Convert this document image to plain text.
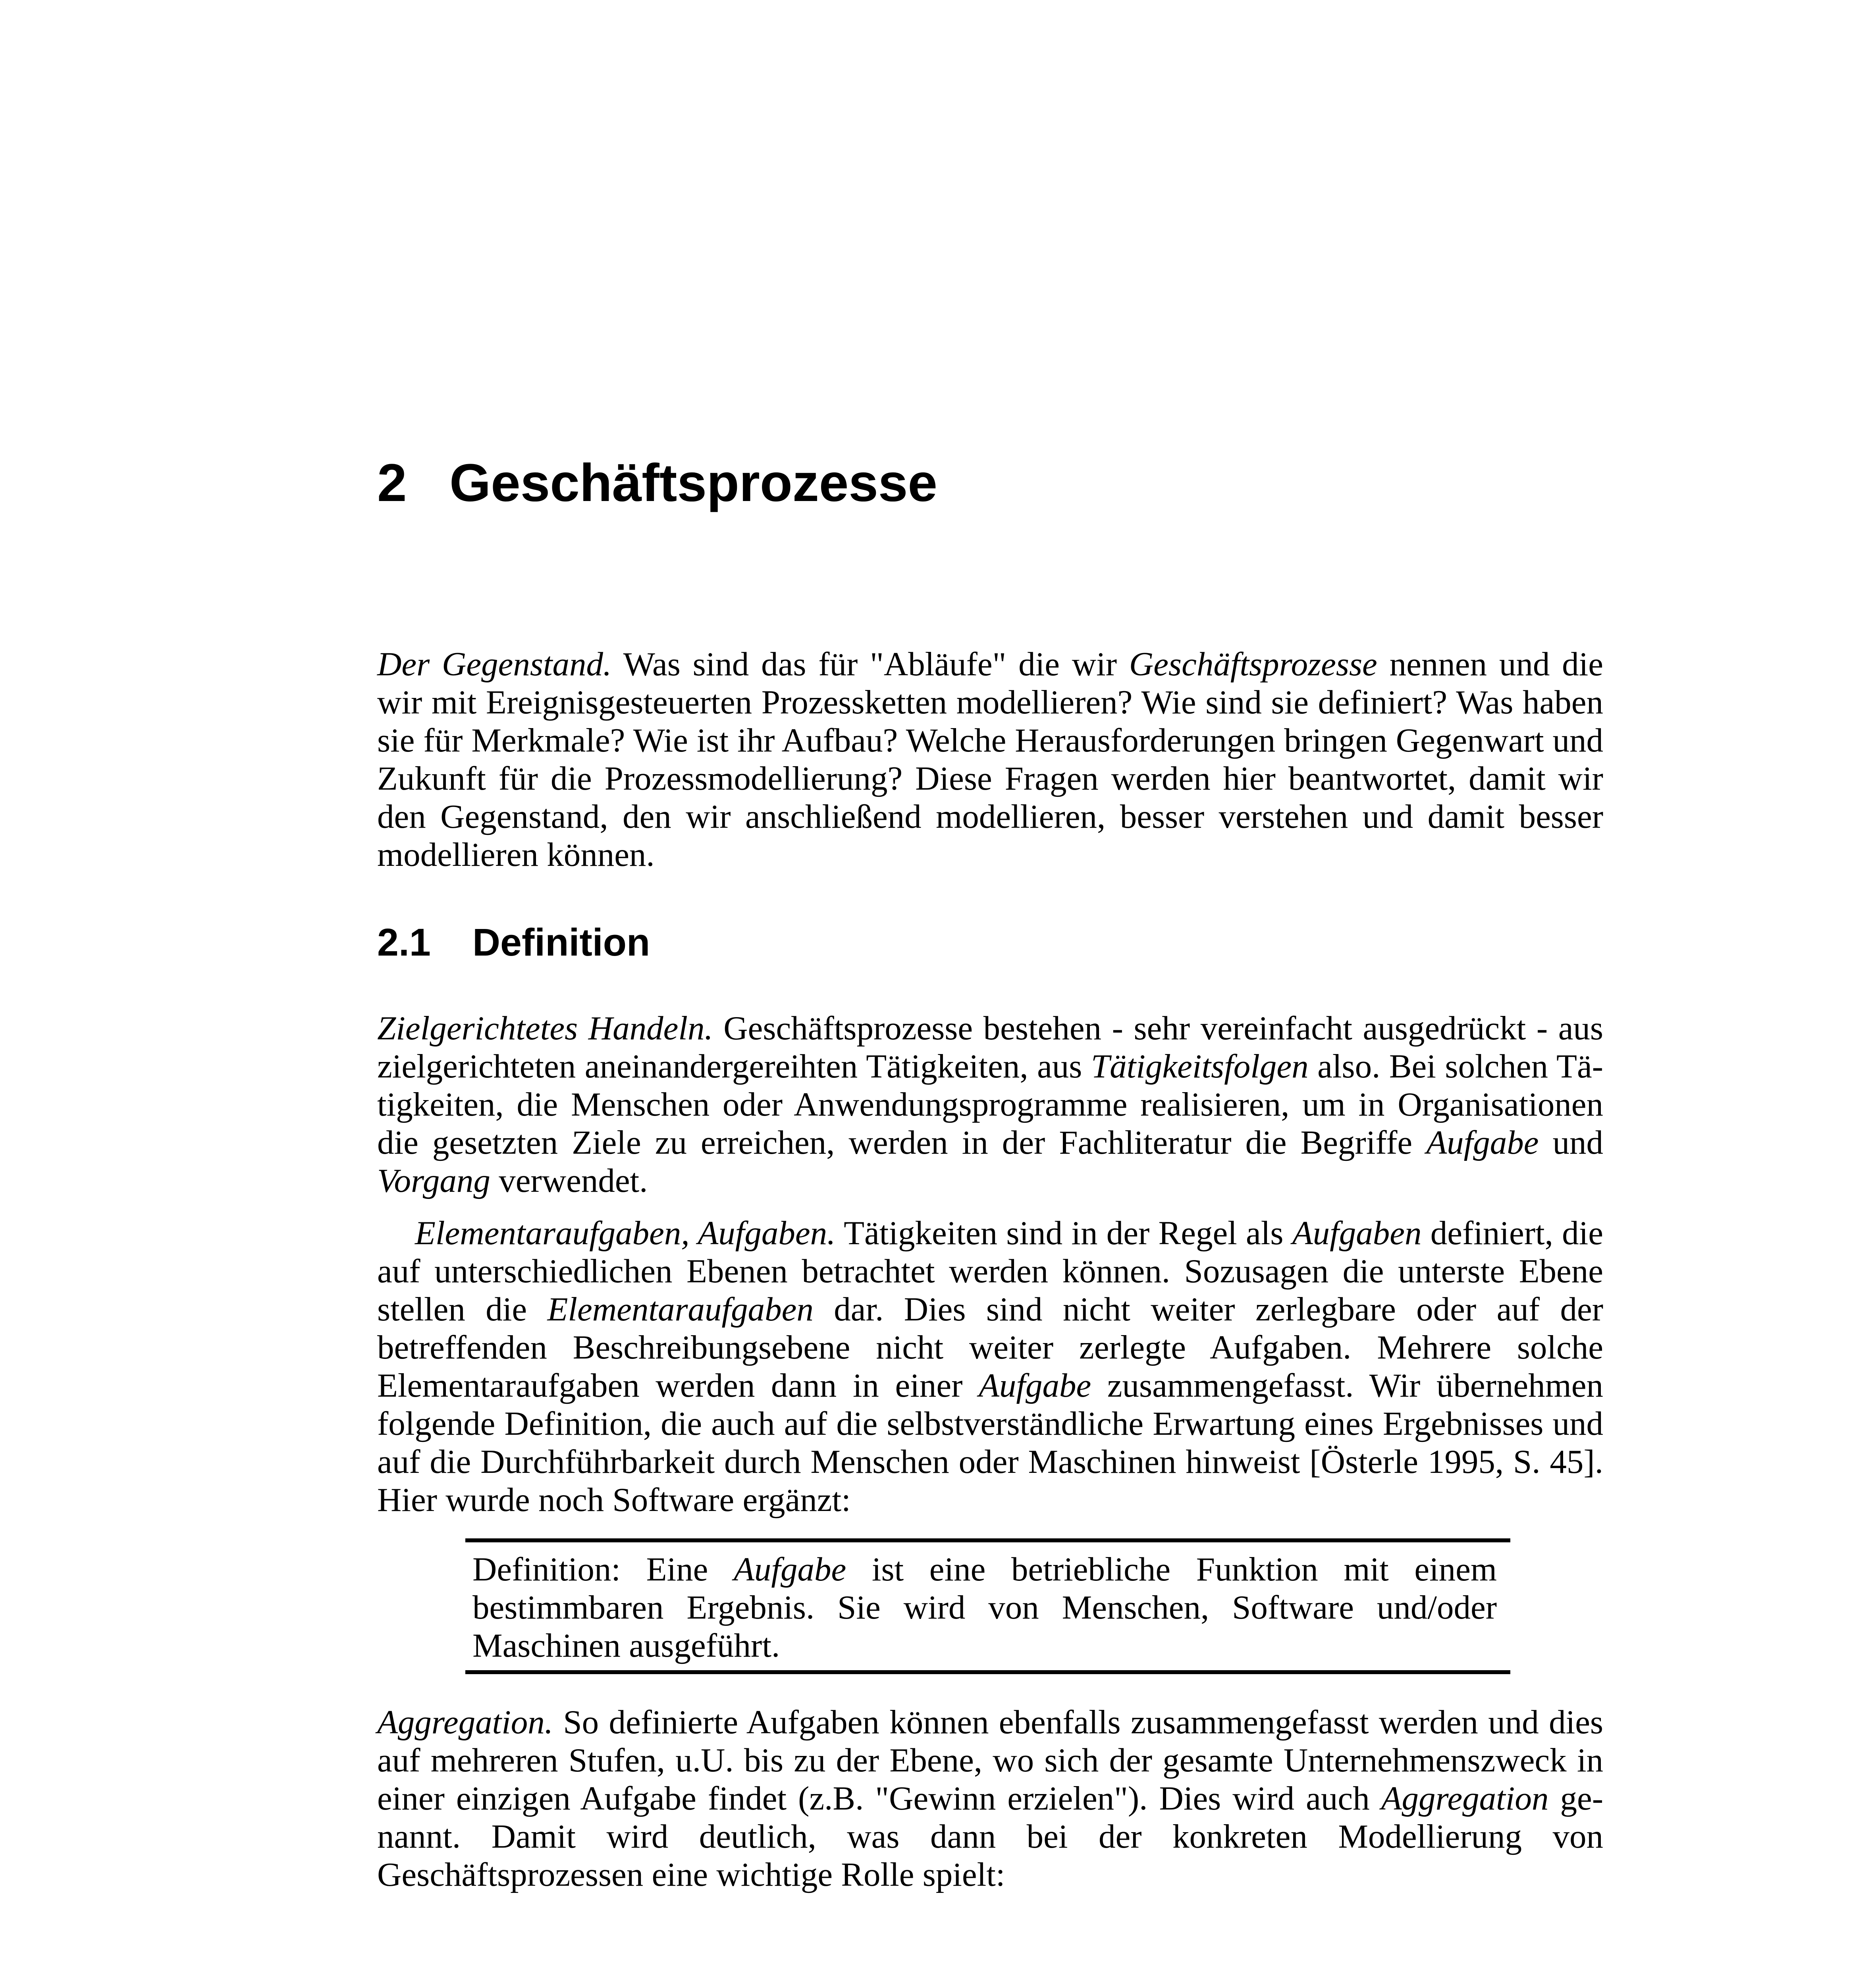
2 Geschäftsprozesse

Der Gegenstand. Was sind das für "Abläufe" die wir Geschäftsprozesse nennen und die wir mit Ereignisgesteuerten Prozessketten modellieren? Wie sind sie definiert? Was haben sie für Merkmale? Wie ist ihr Aufbau? Welche Herausforderungen bringen Gegenwart und Zukunft für die Prozessmodellierung? Diese Fragen werden hier beantwortet, damit wir den Gegenstand, den wir anschließend modellieren, besser verstehen und damit besser modellieren können.

2.1 Definition

Zielgerichtetes Handeln. Geschäftsprozesse bestehen - sehr vereinfacht ausgedrückt - aus zielgerichteten aneinandergereihten Tätigkeiten, aus Tätigkeitsfolgen also. Bei solchen Tätigkeiten, die Menschen oder Anwendungsprogramme realisieren, um in Organisationen die gesetzten Ziele zu erreichen, werden in der Fachliteratur die Begriffe Aufgabe und Vorgang verwendet.

Elementaraufgaben, Aufgaben. Tätigkeiten sind in der Regel als Aufgaben definiert, die auf unterschiedlichen Ebenen betrachtet werden können. Sozusagen die unterste Ebene stellen die Elementaraufgaben dar. Dies sind nicht weiter zerlegbare oder auf der betreffenden Beschreibungsebene nicht weiter zerlegte Aufgaben. Mehrere solche Elementaraufgaben werden dann in einer Aufgabe zusammengefasst. Wir übernehmen folgende Definition, die auch auf die selbstverständliche Erwartung eines Ergebnisses und auf die Durchführbarkeit durch Menschen oder Maschinen hinweist [Österle 1995, S. 45]. Hier wurde noch Software ergänzt:

Definition: Eine Aufgabe ist eine betriebliche Funktion mit einem bestimmbaren Ergebnis. Sie wird von Menschen, Software und/oder Maschinen ausgeführt.

Aggregation. So definierte Aufgaben können ebenfalls zusammengefasst werden und dies auf mehreren Stufen, u.U. bis zu der Ebene, wo sich der gesamte Unternehmenszweck in einer einzigen Aufgabe findet (z.B. "Gewinn erzielen"). Dies wird auch Aggregation genannt. Damit wird deutlich, was dann bei der konkreten Modellierung von Geschäftsprozessen eine wichtige Rolle spielt:
